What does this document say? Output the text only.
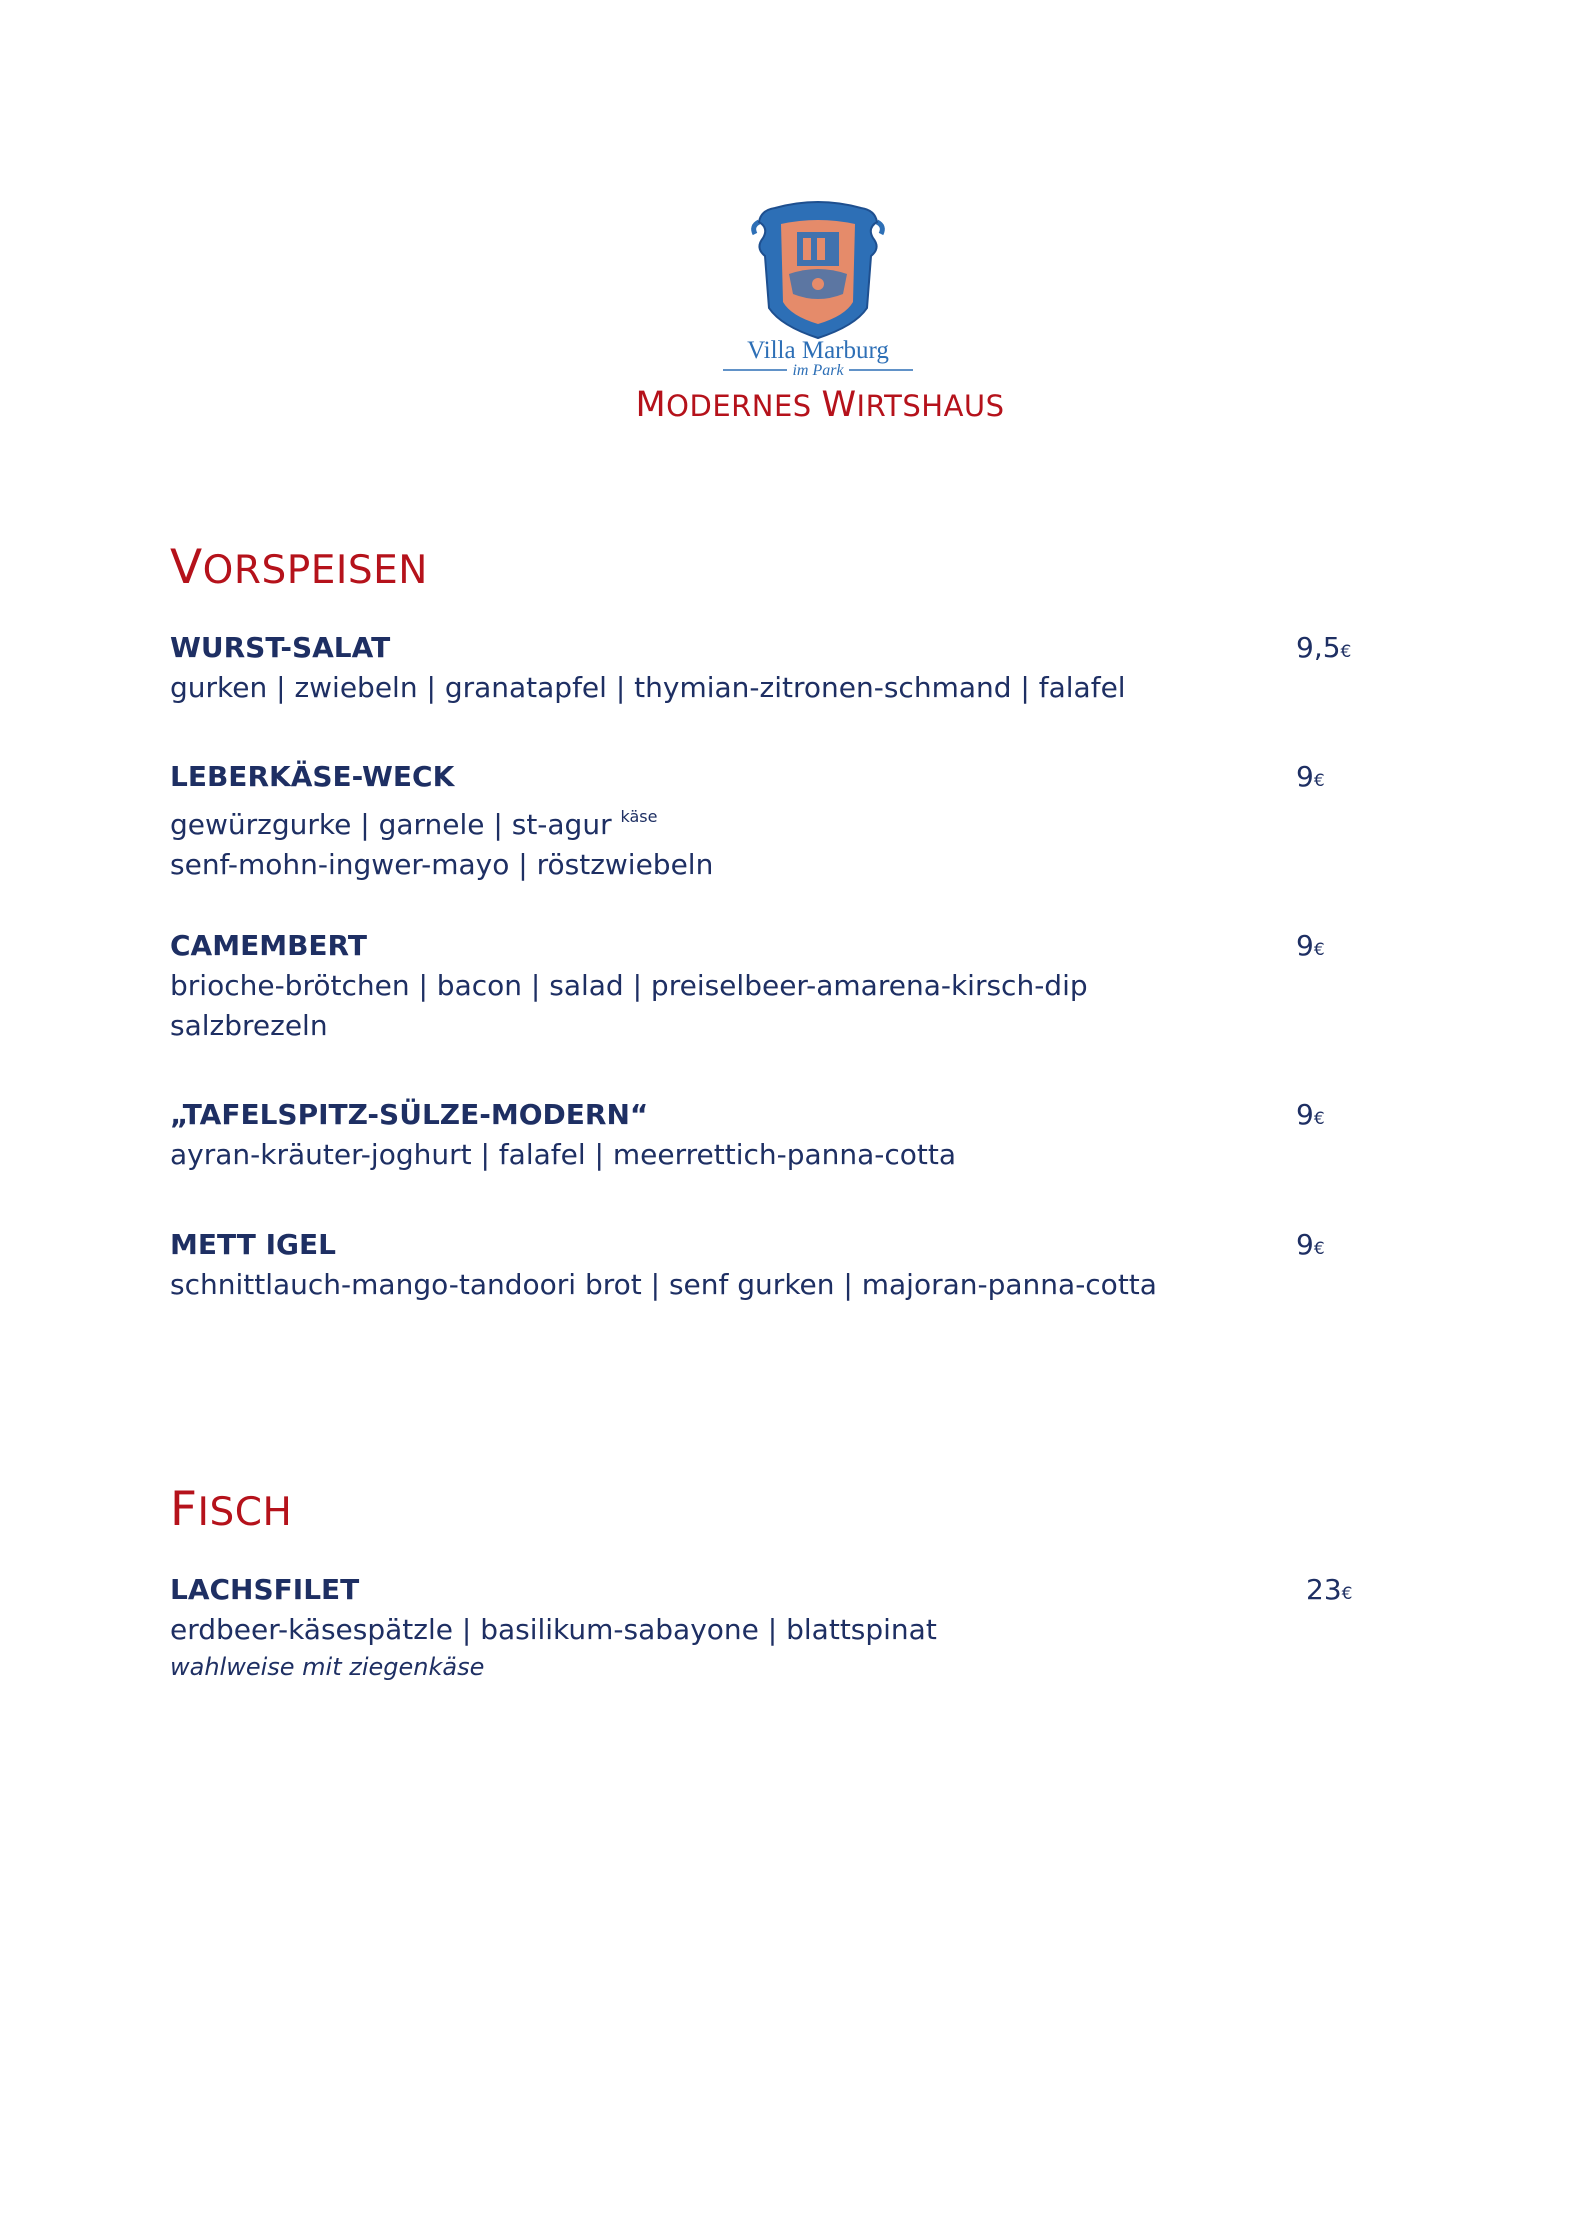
Villa Marburg
im Park
MODERNES WIRTSHAUS
VORSPEISEN
WURST-SALAT
gurken | zwiebeln | granatapfel | thymian-zitronen-schmand | falafel
9,5€
LEBERKÄSE-WECK
gewürzgurke | garnele | st-agur $^{käse}$
senf-mohn-ingwer-mayo | röstzwiebeln
9€
CAMEMBERT
brioche-brötchen | bacon | salad | preiselbeer-amarena-kirsch-dip
salzbrezeln
9€
„TAFELSPITZ-SÜLZE-MODERN“
ayran-kräuter-joghurt | falafel | meerrettich-panna-cotta
9€
METT IGEL
schnittlauch-mango-tandoori brot | senf gurken | majoran-panna-cotta
9€
FISCH
LACHSFILET
erdbeer-käsespätzle | basilikum-sabayone | blattspinat
wahlweise mit ziegenkäse
23€
